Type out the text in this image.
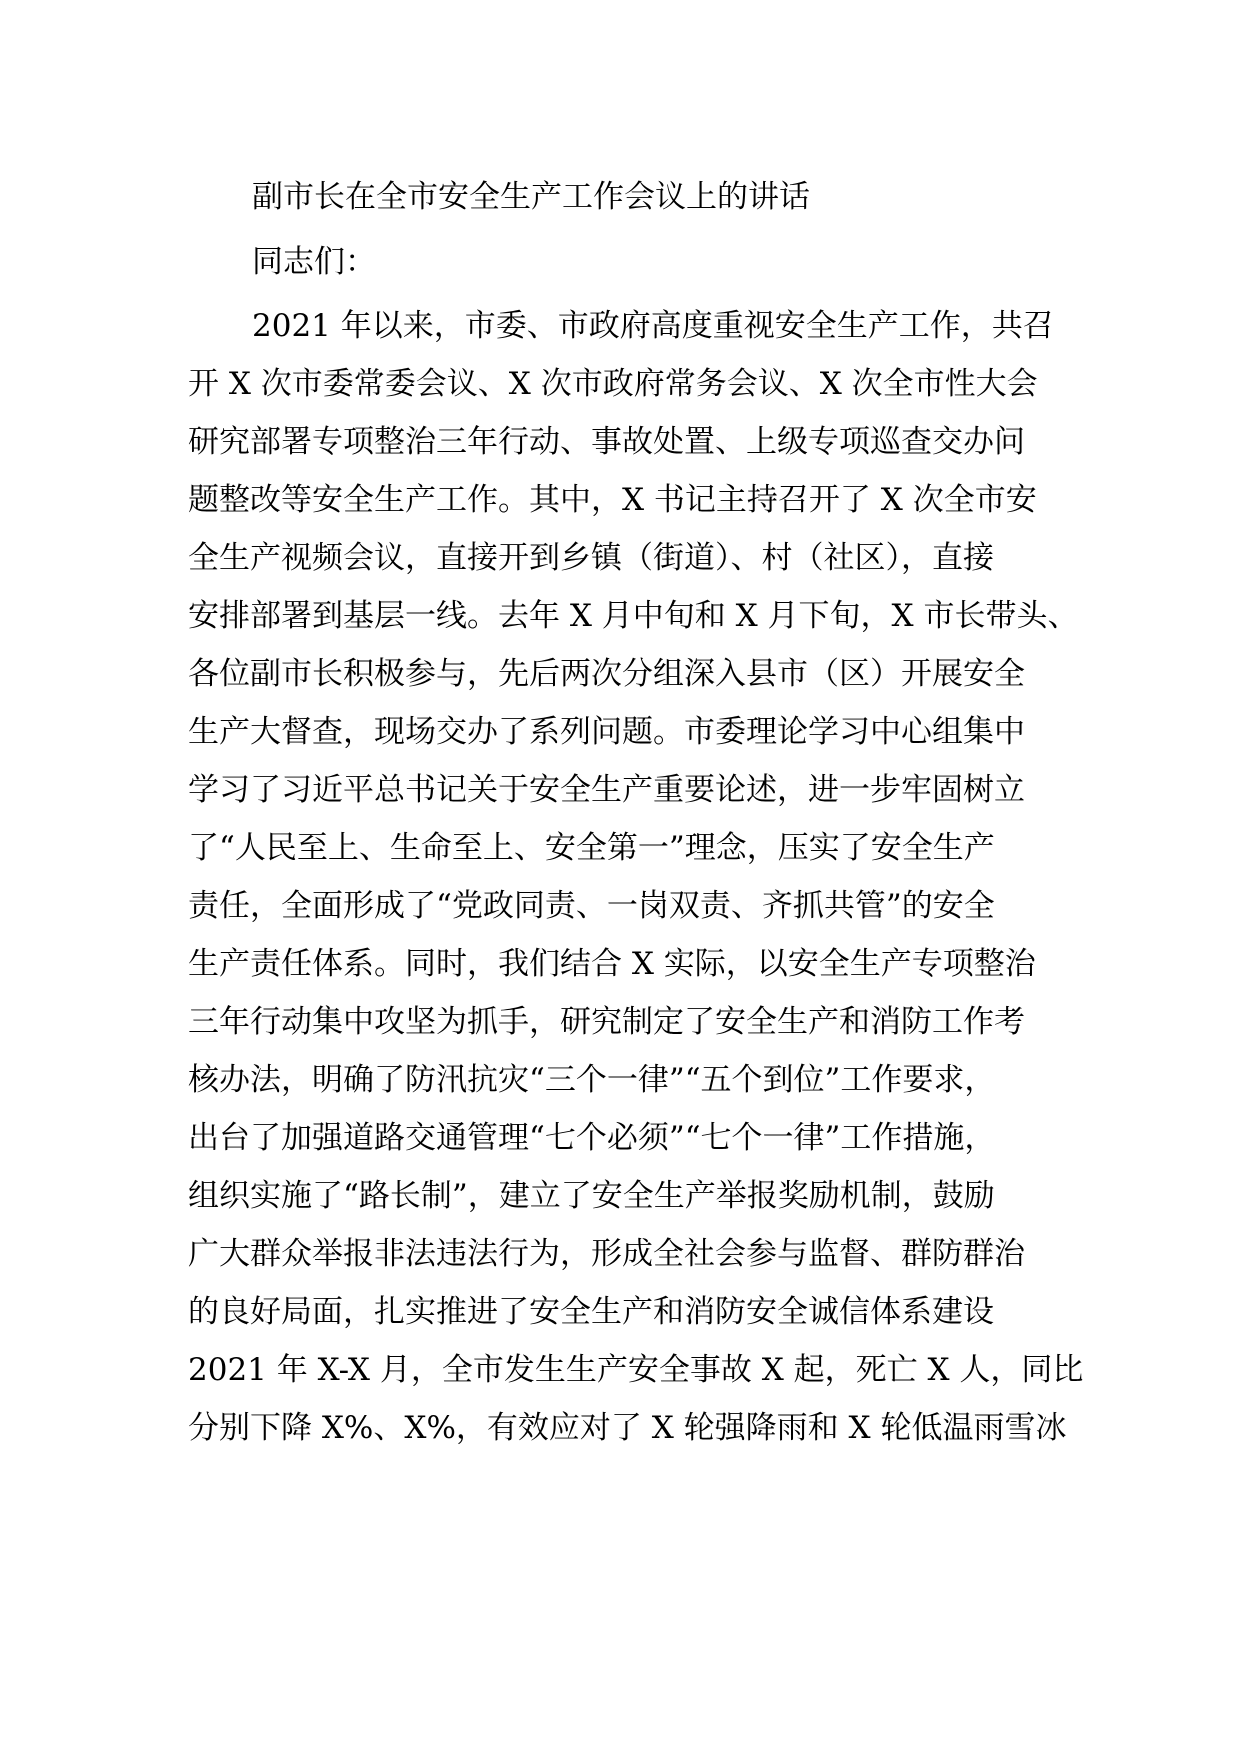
副市长在全市安全生产工作会议上的讲话
同志们：
2021 年以来，市委、市政府高度重视安全生产工作，共召
开 X 次市委常委会议、X 次市政府常务会议、X 次全市性大会
研究部署专项整治三年行动、事故处置、上级专项巡查交办问
题整改等安全生产工作。其中，X 书记主持召开了 X 次全市安
全生产视频会议，直接开到乡镇（街道）、村（社区），直接
安排部署到基层一线。去年 X 月中旬和 X 月下旬，X 市长带头、
各位副市长积极参与，先后两次分组深入县市（区）开展安全
生产大督查，现场交办了系列问题。市委理论学习中心组集中
学习了习近平总书记关于安全生产重要论述，进一步牢固树立
了“人民至上、生命至上、安全第一”理念，压实了安全生产
责任，全面形成了“党政同责、一岗双责、齐抓共管”的安全
生产责任体系。同时，我们结合 X 实际，以安全生产专项整治
三年行动集中攻坚为抓手，研究制定了安全生产和消防工作考
核办法，明确了防汛抗灾“三个一律”“五个到位”工作要求，
出台了加强道路交通管理“七个必须”“七个一律”工作措施，
组织实施了“路长制”，建立了安全生产举报奖励机制，鼓励
广大群众举报非法违法行为，形成全社会参与监督、群防群治
的良好局面，扎实推进了安全生产和消防安全诚信体系建设
2021 年 X-X 月，全市发生生产安全事故 X 起，死亡 X 人，同比
分别下降 X%、X%，有效应对了 X 轮强降雨和 X 轮低温雨雪冰
